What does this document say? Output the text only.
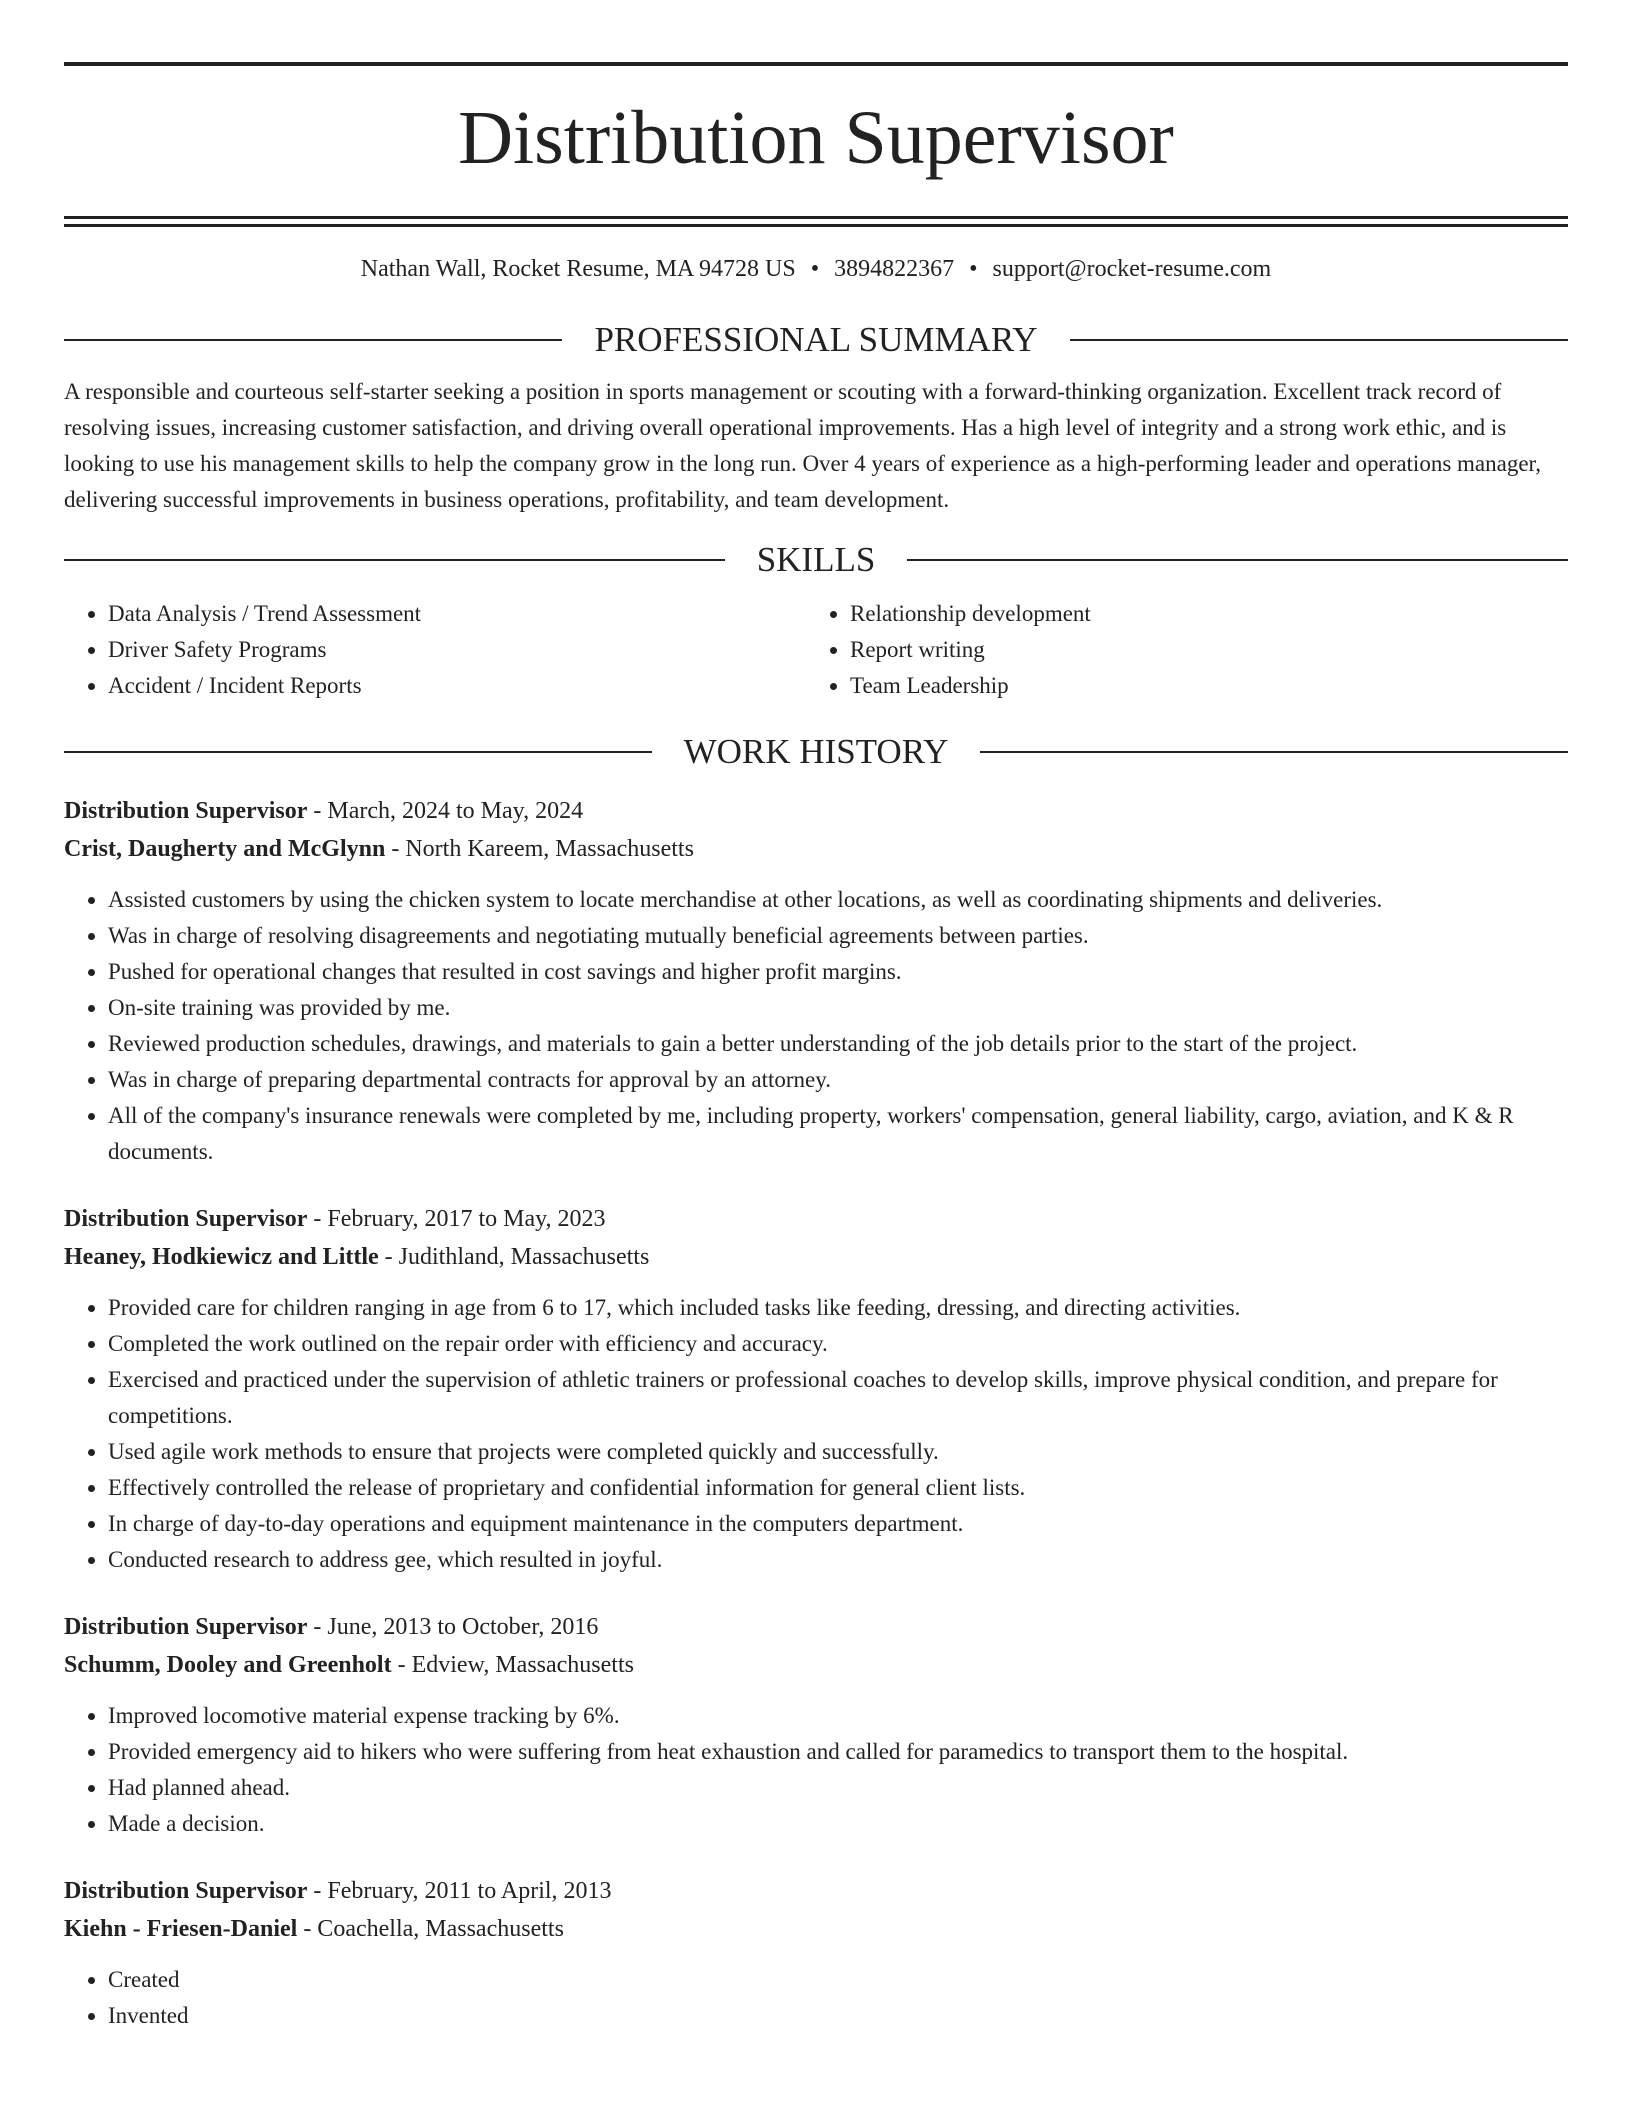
Distribution Supervisor
Nathan Wall, Rocket Resume, MA 94728 US • 3894822367 • support@rocket-resume.com
PROFESSIONAL SUMMARY

A responsible and courteous self-starter seeking a position in sports management or scouting with a forward-thinking organization. Excellent track record of resolving issues, increasing customer satisfaction, and driving overall operational improvements. Has a high level of integrity and a strong work ethic, and is looking to use his management skills to help the company grow in the long run. Over 4 years of experience as a high-performing leader and operations manager, delivering successful improvements in business operations, profitability, and team development.

SKILLS
• Data Analysis / Trend Assessment
• Driver Safety Programs
• Accident / Incident Reports
• Relationship development
• Report writing
• Team Leadership
WORK HISTORY
Distribution Supervisor - March, 2024 to May, 2024
Crist, Daugherty and McGlynn - North Kareem, Massachusetts
• Assisted customers by using the chicken system to locate merchandise at other locations, as well as coordinating shipments and deliveries.
• Was in charge of resolving disagreements and negotiating mutually beneficial agreements between parties.
• Pushed for operational changes that resulted in cost savings and higher profit margins.
• On-site training was provided by me.
• Reviewed production schedules, drawings, and materials to gain a better understanding of the job details prior to the start of the project.
• Was in charge of preparing departmental contracts for approval by an attorney.
• All of the company's insurance renewals were completed by me, including property, workers' compensation, general liability, cargo, aviation, and K & R documents.
Distribution Supervisor - February, 2017 to May, 2023
Heaney, Hodkiewicz and Little - Judithland, Massachusetts
• Provided care for children ranging in age from 6 to 17, which included tasks like feeding, dressing, and directing activities.
• Completed the work outlined on the repair order with efficiency and accuracy.
• Exercised and practiced under the supervision of athletic trainers or professional coaches to develop skills, improve physical condition, and prepare for competitions.
• Used agile work methods to ensure that projects were completed quickly and successfully.
• Effectively controlled the release of proprietary and confidential information for general client lists.
• In charge of day-to-day operations and equipment maintenance in the computers department.
• Conducted research to address gee, which resulted in joyful.
Distribution Supervisor - June, 2013 to October, 2016
Schumm, Dooley and Greenholt - Edview, Massachusetts
• Improved locomotive material expense tracking by 6%.
• Provided emergency aid to hikers who were suffering from heat exhaustion and called for paramedics to transport them to the hospital.
• Had planned ahead.
• Made a decision.
Distribution Supervisor - February, 2011 to April, 2013
Kiehn - Friesen-Daniel - Coachella, Massachusetts
• Created
• Invented
